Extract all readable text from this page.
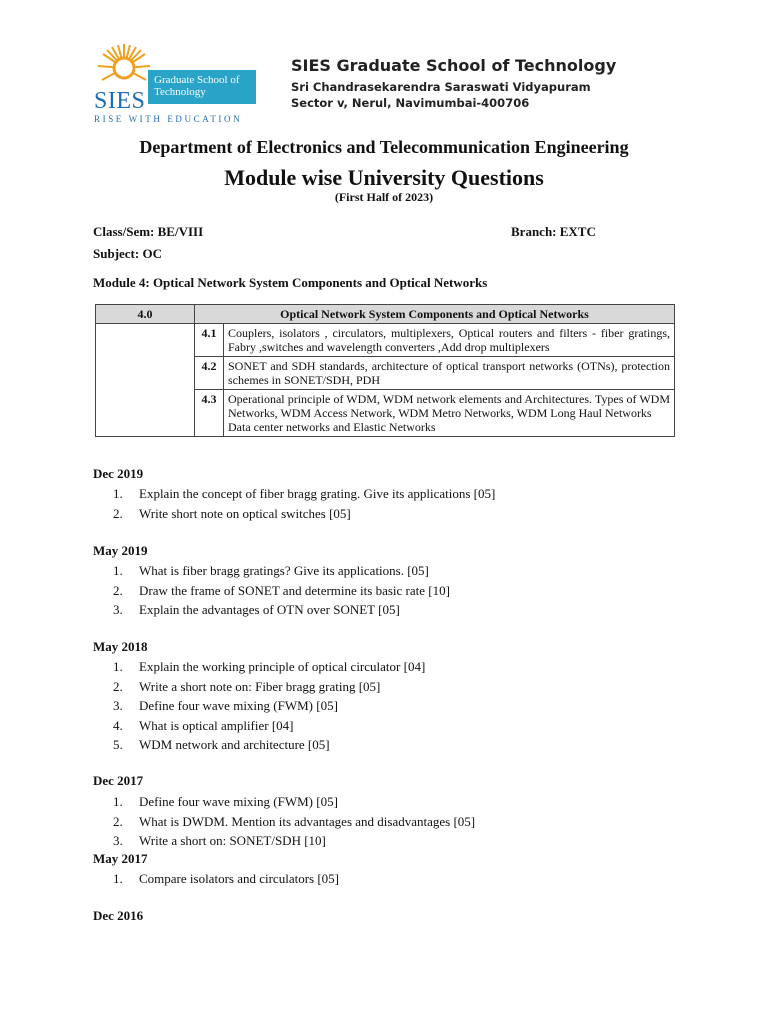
SIES
Graduate School of Technology
RISE WITH EDUCATION
SIES Graduate School of Technology
Sri Chandrasekarendra Saraswati Vidyapuram
Sector v, Nerul, Navimumbai-400706
Department of Electronics and Telecommunication Engineering
Module wise University Questions
(First Half of 2023)
Class/Sem: BE/VIII	Branch: EXTC
Subject: OC
Module 4: Optical Network System Components and Optical Networks
4.0	Optical Network System Components and Optical Networks	
	4.1	Couplers, isolators , circulators, multiplexers, Optical routers and filters - fiber gratings, Fabry ,switches and wavelength converters ,Add drop multiplexers
	4.2	SONET and SDH standards, architecture of optical transport networks (OTNs), protection schemes in SONET/SDH, PDH
	4.3	Operational principle of WDM, WDM network elements and Architectures. Types of WDM Networks, WDM Access Network, WDM Metro Networks, WDM Long Haul Networks
Data center networks and Elastic Networks
Dec 2019
1. Explain the concept of fiber bragg grating. Give its applications [05]
2. Write short note on optical switches [05]
May 2019
1. What is fiber bragg gratings? Give its applications. [05]
2. Draw the frame of SONET and determine its basic rate [10]
3. Explain the advantages of OTN over SONET [05]
May 2018
1. Explain the working principle of optical circulator [04]
2. Write a short note on: Fiber bragg grating [05]
3. Define four wave mixing (FWM) [05]
4. What is optical amplifier [04]
5. WDM network and architecture [05]
Dec 2017
1. Define four wave mixing (FWM) [05]
2. What is DWDM. Mention its advantages and disadvantages [05]
3. Write a short on: SONET/SDH [10]
May 2017
1. Compare isolators and circulators [05]
Dec 2016
